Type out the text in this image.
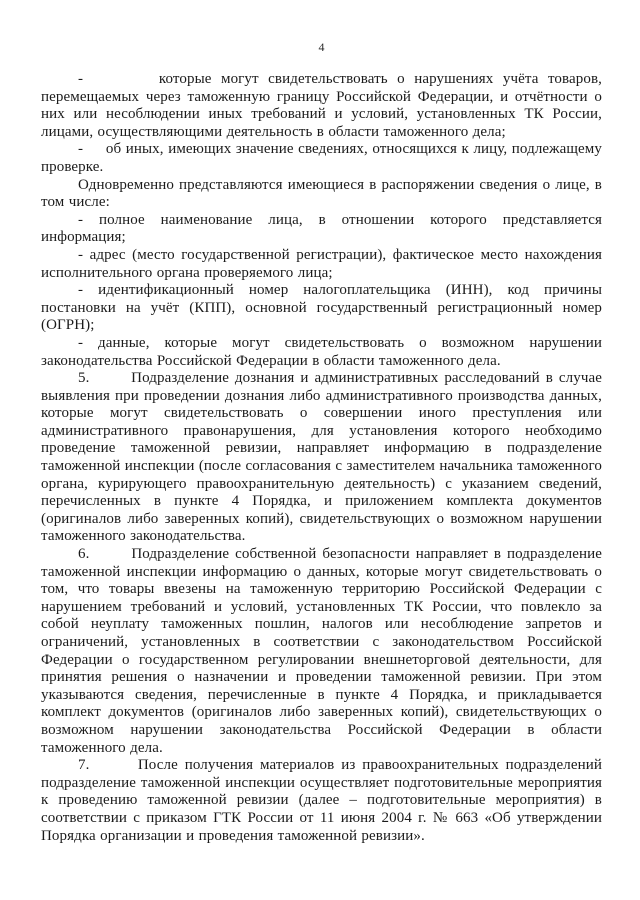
4

-        которые могут свидетельствовать о нарушениях учёта товаров, перемещаемых через таможенную границу Российской Федерации, и отчётности о них или несоблюдении иных требований и условий, установленных ТК России, лицами, осуществляющими деятельность в области таможенного дела;

-     об иных, имеющих значение сведениях, относящихся к лицу, подлежащему проверке.

Одновременно представляются имеющиеся в распоряжении сведения о лице, в том числе:

- полное наименование лица, в отношении которого представляется информация;

- адрес (место государственной регистрации), фактическое место нахождения исполнительного органа проверяемого лица;

- идентификационный номер налогоплательщика (ИНН), код причины постановки на учёт (КПП), основной государственный регистрационный номер (ОГРН);

- данные, которые могут свидетельствовать о возможном нарушении законодательства Российской Федерации в области таможенного дела.

5.       Подразделение дознания и административных расследований в случае выявления при проведении дознания либо административного производства данных, которые могут свидетельствовать о совершении иного преступления или административного правонарушения, для установления которого необходимо проведение таможенной ревизии, направляет информацию в подразделение таможенной инспекции (после согласования с заместителем начальника таможенного органа, курирующего правоохранительную деятельность) с указанием сведений, перечисленных в пункте 4 Порядка, и приложением комплекта документов (оригиналов либо заверенных копий), свидетельствующих о возможном нарушении таможенного законодательства.

6.       Подразделение собственной безопасности направляет в подразделение таможенной инспекции информацию о данных, которые могут свидетельствовать о том, что товары ввезены на таможенную территорию Российской Федерации с нарушением требований и условий, установленных ТК России, что повлекло за собой неуплату таможенных пошлин, налогов или несоблюдение запретов и ограничений, установленных в соответствии с законодательством Российской Федерации о государственном регулировании внешнеторговой деятельности, для принятия решения о назначении и проведении таможенной ревизии. При этом указываются сведения, перечисленные в пункте 4 Порядка, и прикладывается комплект документов (оригиналов либо заверенных копий), свидетельствующих о возможном нарушении законодательства Российской Федерации в области таможенного дела.

7.       После получения материалов из правоохранительных подразделений подразделение таможенной инспекции осуществляет подготовительные мероприятия к проведению таможенной ревизии (далее – подготовительные мероприятия) в соответствии с приказом ГТК России от 11 июня 2004 г. № 663 «Об утверждении Порядка организации и проведения таможенной ревизии».
